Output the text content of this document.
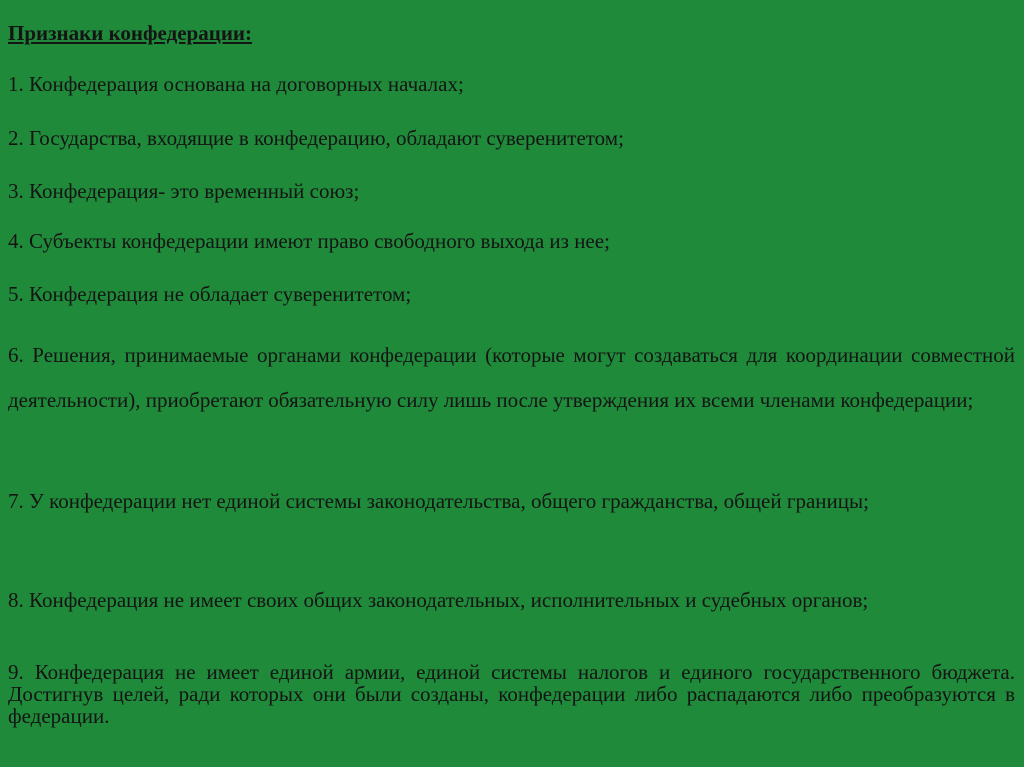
Признаки конфедерации:

1. Конфедерация основана на договорных началах;

2. Государства, входящие в конфедерацию, обладают суверенитетом;

3. Конфедерация- это временный союз;

4. Субъекты конфедерации имеют право свободного выхода из нее;

5. Конфедерация не обладает суверенитетом;

6. Решения, принимаемые органами конфедерации (которые могут создаваться для координации совместной деятельности), приобретают обязательную силу лишь после утверждения их всеми членами конфедерации;

7. У конфедерации нет единой системы законодательства, общего гражданства, общей границы;

8. Конфедерация не имеет своих общих законодательных, исполнительных и судебных органов;

9. Конфедерация не имеет единой армии, единой системы налогов и единого государственного бюджета. Достигнув целей, ради которых они были созданы, конфедерации либо распадаются либо преобразуются в федерации.
